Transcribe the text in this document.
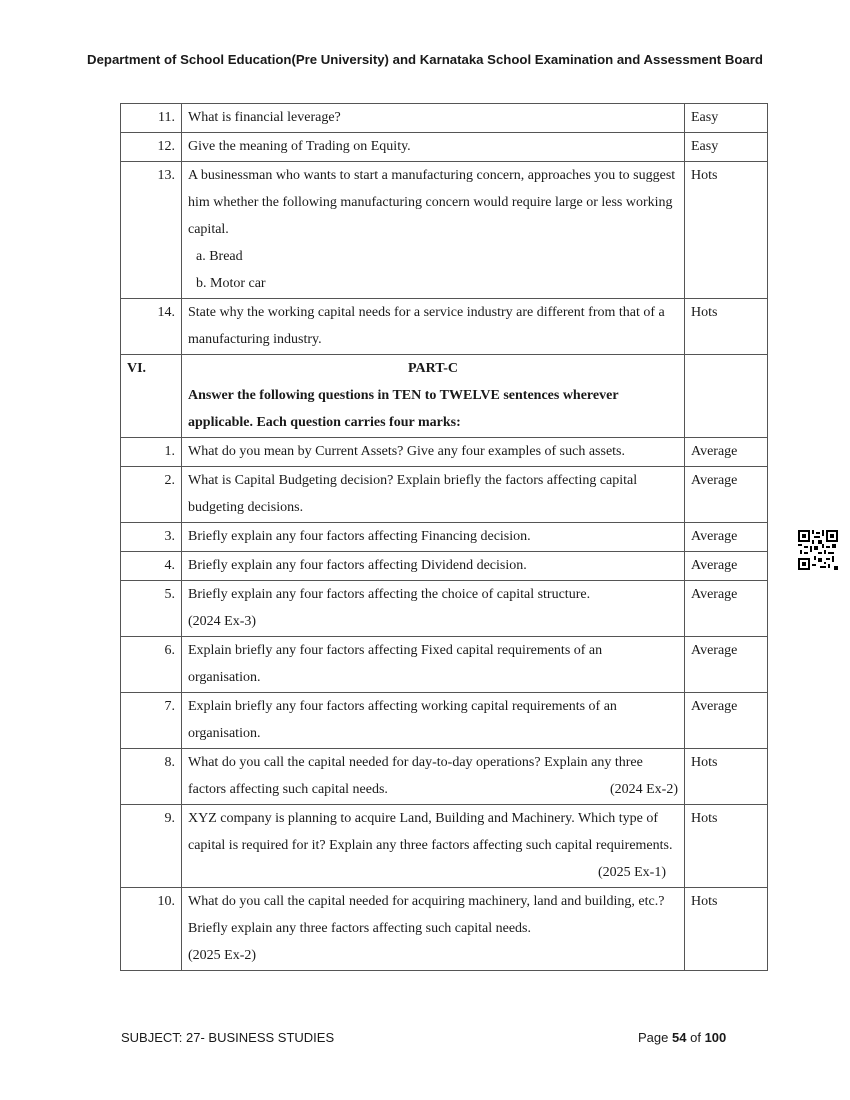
Department of School Education(Pre University) and Karnataka School Examination and Assessment Board
11.	What is financial leverage?	Easy
12.	Give the meaning of Trading on Equity.	Easy
13.	A businessman who wants to start a manufacturing concern, approaches you to suggest him whether the following manufacturing concern would require large or less working capital.
a. Bread
b. Motor car	Hots
14.	State why the working capital needs for a service industry are different from that of a manufacturing industry.	Hots
VI.	PART-C
Answer the following questions in TEN to TWELVE sentences wherever applicable. Each question carries four marks:	

1.	What do you mean by Current Assets? Give any four examples of such assets.	Average
2.	What is Capital Budgeting decision? Explain briefly the factors affecting capital budgeting decisions.	Average
3.	Briefly explain any four factors affecting Financing decision.	Average
4.	Briefly explain any four factors affecting Dividend decision.	Average
5.	Briefly explain any four factors affecting the choice of capital structure.
(2024 Ex-3)	Average
6.	Explain briefly any four factors affecting Fixed capital requirements of an organisation.	Average
7.	Explain briefly any four factors affecting working capital requirements of an organisation.	Average
8.	What do you call the capital needed for day-to-day operations? Explain any three factors affecting such capital needs. (2024 Ex-2)	Hots
9.	XYZ company is planning to acquire Land, Building and Machinery. Which type of capital is required for it? Explain any three factors affecting such capital requirements.
(2025 Ex-1)	Hots
10.	What do you call the capital needed for acquiring machinery, land and building, etc.? Briefly explain any three factors affecting such capital needs.
(2025 Ex-2)	Hots
SUBJECT: 27- BUSINESS STUDIES	Page 54 of 100
